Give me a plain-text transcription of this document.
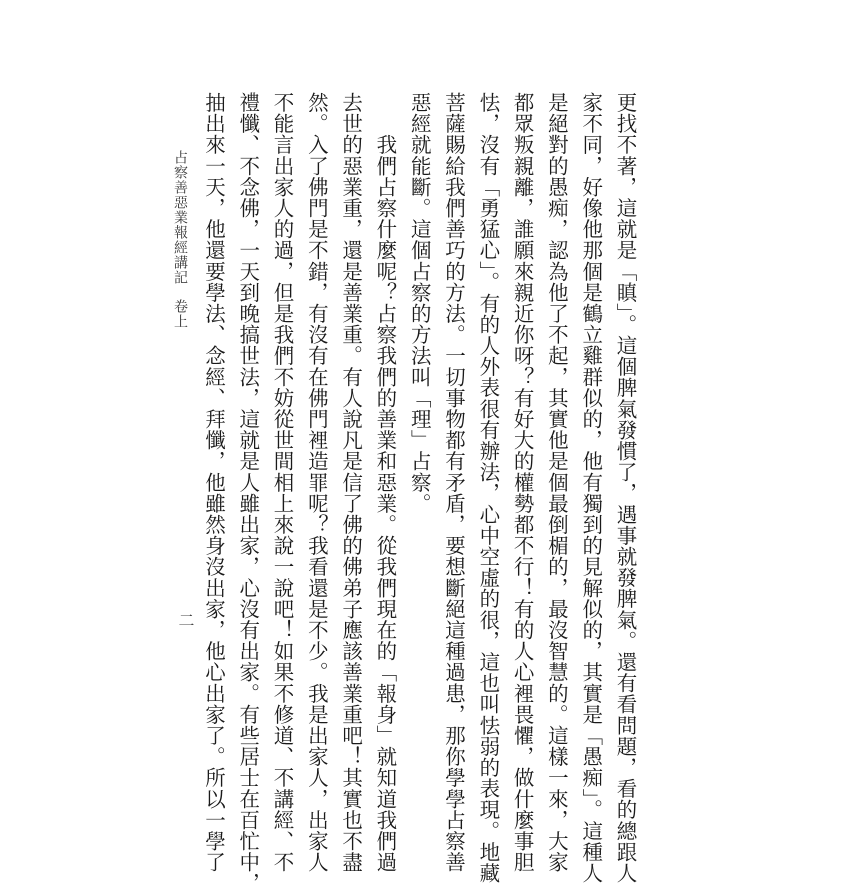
更找不著，這就是「瞋」。這個脾氣發慣了，遇事就發脾氣。還有看問題，看的總跟人
家不同，好像他那個是鶴立雞群似的，他有獨到的見解似的，其實是「愚痴」。這種人
是絕對的愚痴，認為他了不起，其實他是個最倒楣的，最沒智慧的。這樣一來，大家
都眾叛親離，誰願來親近你呀？有好大的權勢都不行！有的人心裡畏懼，做什麼事胆
怯，沒有「勇猛心」。有的人外表很有辦法，心中空虛的很，這也叫怯弱的表現。地藏
菩薩賜給我們善巧的方法。一切事物都有矛盾，要想斷絕這種過患，那你學學占察善
惡經就能斷。這個占察的方法叫「理」占察。
　　我們占察什麼呢？占察我們的善業和惡業。從我們現在的「報身」就知道我們過
去世的惡業重，還是善業重。有人說凡是信了佛的佛弟子應該善業重吧！其實也不盡
然。入了佛門是不錯，有沒有在佛門裡造罪呢？我看還是不少。我是出家人，出家人
不能言出家人的過，但是我們不妨從世間相上來說一說吧！如果不修道、不講經、不
禮懺、不念佛，一天到晚搞世法，這就是人雖出家，心沒有出家。有些居士在百忙中，
抽出來一天，他還要學法、念經、拜懺，他雖然身沒出家，他心出家了。所以一學了
占察善惡業報經講記卷上
二
